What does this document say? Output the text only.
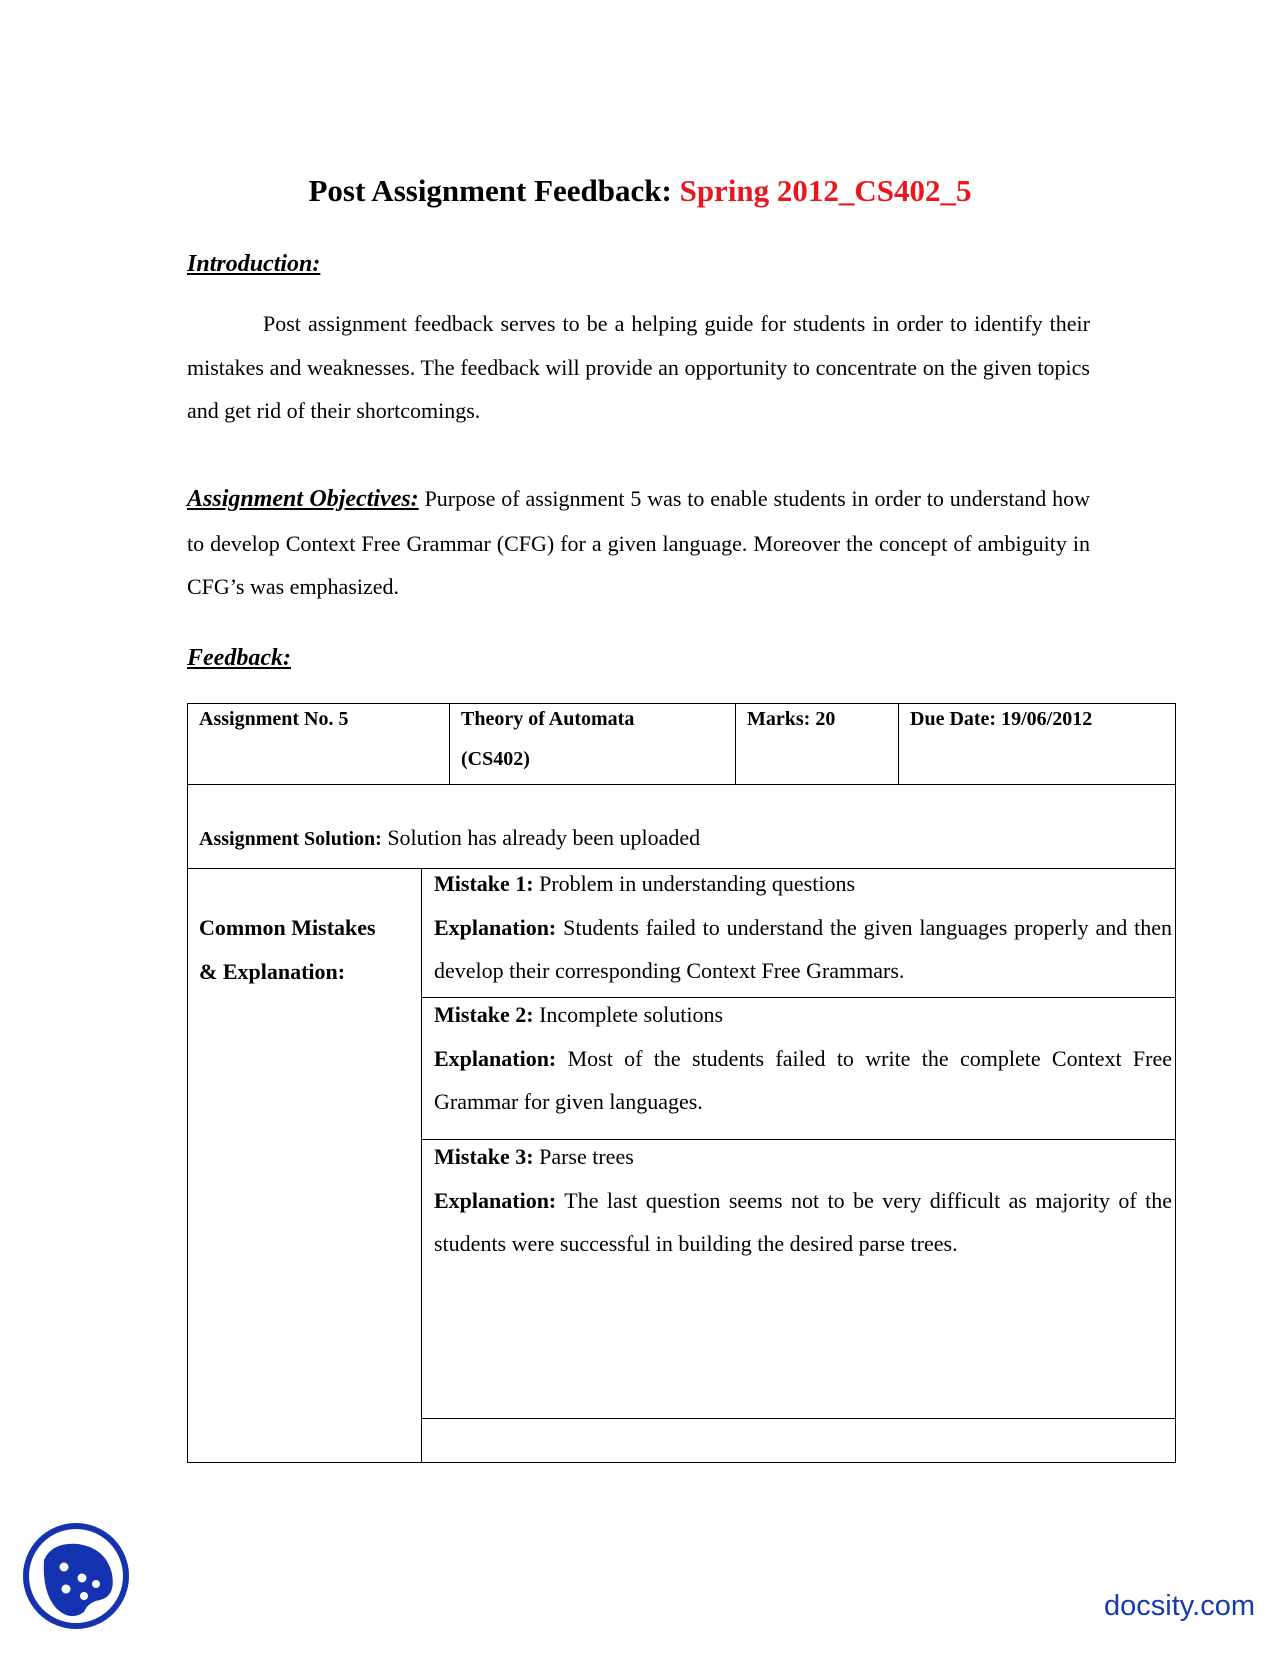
Post Assignment Feedback: Spring 2012_CS402_5
Introduction:

Post assignment feedback serves to be a helping guide for students in order to identify their mistakes and weaknesses. The feedback will provide an opportunity to concentrate on the given topics and get rid of their shortcomings.

Assignment Objectives: Purpose of assignment 5 was to enable students in order to understand how to develop Context Free Grammar (CFG) for a given language. Moreover the concept of ambiguity in CFG’s was emphasized.

Feedback:
Assignment No. 5	Theory of Automata
(CS402)
Marks: 20	Due Date: 19/06/2012
Assignment Solution: Solution has already been uploaded
Common Mistakes
& Explanation:
Mistake 1: Problem in understanding questions
Explanation: Students failed to understand the given languages properly and then develop their corresponding Context Free Grammars.
Mistake 2: Incomplete solutions
Explanation: Most of the students failed to write the complete Context Free Grammar for given languages.
Mistake 3: Parse trees
Explanation: The last question seems not to be very difficult as majority of the students were successful in building the desired parse trees.
docsity.com
